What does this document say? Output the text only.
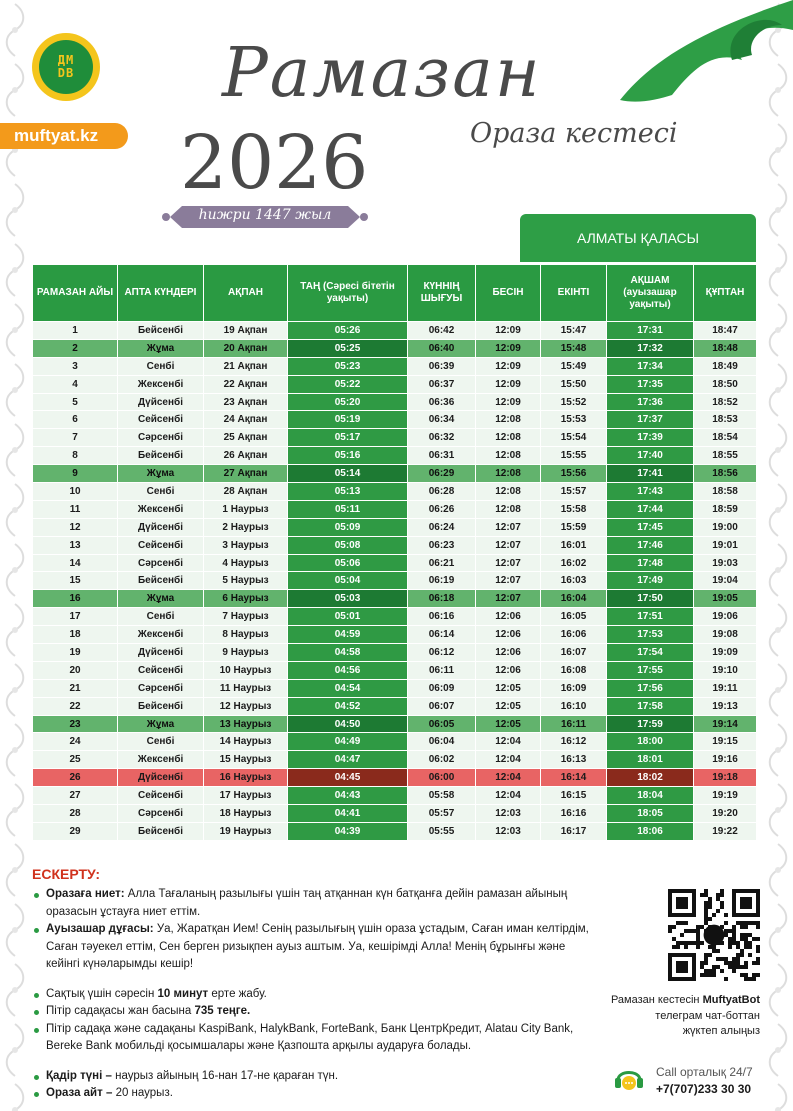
ДМ
DB
muftyat.kz
Рамазан
2026	Ораза кестесі
һижри 1447 жыл
АЛМАТЫ ҚАЛАСЫ
РАМАЗАН АЙЫ	АПТА КҮНДЕРІ	АҚПАН	ТАҢ (Сәресі бітетін уақыты)	КҮННІҢ ШЫҒУЫ	БЕСІН	ЕКІНТІ	АҚШАМ (ауызашар уақыты)	ҚҰПТАН
1	Бейсенбі	19 Ақпан	05:26	06:42	12:09	15:47	17:31	18:47
2	Жұма	20 Ақпан	05:25	06:40	12:09	15:48	17:32	18:48
3	Сенбі	21 Ақпан	05:23	06:39	12:09	15:49	17:34	18:49
4	Жексенбі	22 Ақпан	05:22	06:37	12:09	15:50	17:35	18:50
5	Дүйсенбі	23 Ақпан	05:20	06:36	12:09	15:52	17:36	18:52
6	Сейсенбі	24 Ақпан	05:19	06:34	12:08	15:53	17:37	18:53
7	Сәрсенбі	25 Ақпан	05:17	06:32	12:08	15:54	17:39	18:54
8	Бейсенбі	26 Ақпан	05:16	06:31	12:08	15:55	17:40	18:55
9	Жұма	27 Ақпан	05:14	06:29	12:08	15:56	17:41	18:56
10	Сенбі	28 Ақпан	05:13	06:28	12:08	15:57	17:43	18:58
11	Жексенбі	1 Наурыз	05:11	06:26	12:08	15:58	17:44	18:59
12	Дүйсенбі	2 Наурыз	05:09	06:24	12:07	15:59	17:45	19:00
13	Сейсенбі	3 Наурыз	05:08	06:23	12:07	16:01	17:46	19:01
14	Сәрсенбі	4 Наурыз	05:06	06:21	12:07	16:02	17:48	19:03
15	Бейсенбі	5 Наурыз	05:04	06:19	12:07	16:03	17:49	19:04
16	Жұма	6 Наурыз	05:03	06:18	12:07	16:04	17:50	19:05
17	Сенбі	7 Наурыз	05:01	06:16	12:06	16:05	17:51	19:06
18	Жексенбі	8 Наурыз	04:59	06:14	12:06	16:06	17:53	19:08
19	Дүйсенбі	9 Наурыз	04:58	06:12	12:06	16:07	17:54	19:09
20	Сейсенбі	10 Наурыз	04:56	06:11	12:06	16:08	17:55	19:10
21	Сәрсенбі	11 Наурыз	04:54	06:09	12:05	16:09	17:56	19:11
22	Бейсенбі	12 Наурыз	04:52	06:07	12:05	16:10	17:58	19:13
23	Жұма	13 Наурыз	04:50	06:05	12:05	16:11	17:59	19:14
24	Сенбі	14 Наурыз	04:49	06:04	12:04	16:12	18:00	19:15
25	Жексенбі	15 Наурыз	04:47	06:02	12:04	16:13	18:01	19:16
26	Дүйсенбі	16 Наурыз	04:45	06:00	12:04	16:14	18:02	19:18
27	Сейсенбі	17 Наурыз	04:43	05:58	12:04	16:15	18:04	19:19
28	Сәрсенбі	18 Наурыз	04:41	05:57	12:03	16:16	18:05	19:20
29	Бейсенбі	19 Наурыз	04:39	05:55	12:03	16:17	18:06	19:22
ЕСКЕРТУ:
Оразаға ниет: Алла Тағаланың разылығы үшін таң атқаннан күн батқанға дейін рамазан айының оразасын ұстауға ниет еттім.
Ауызашар дұғасы: Уа, Жаратқан Ием! Сенің разылығың үшін ораза ұстадым, Саған иман келтірдім, Саған тәуекел еттім, Сен берген ризықпен ауыз аштым. Уа, кешірімді Алла! Менің бұрынғы және кейінгі күнәларымды кешір!
Сақтық үшін сәресін 10 минут ерте жабу.
Пітір садақасы жан басына 735 теңге.
Пітір садақа және садақаны KaspiBank, HalykBank, ForteBank, Банк ЦентрКредит, Alatau City Bank, Bereke Bank мобильді қосымшалары және Қазпошта арқылы аударуға болады.
Қадір түні – наурыз айының 16-нан 17-не қараған түн.
Ораза айт – 20 наурыз.
Рамазан кестесін MuftyatBot
телеграм чат-боттан
жүктеп алыңыз
Call орталық 24/7
+7(707)233 30 30
